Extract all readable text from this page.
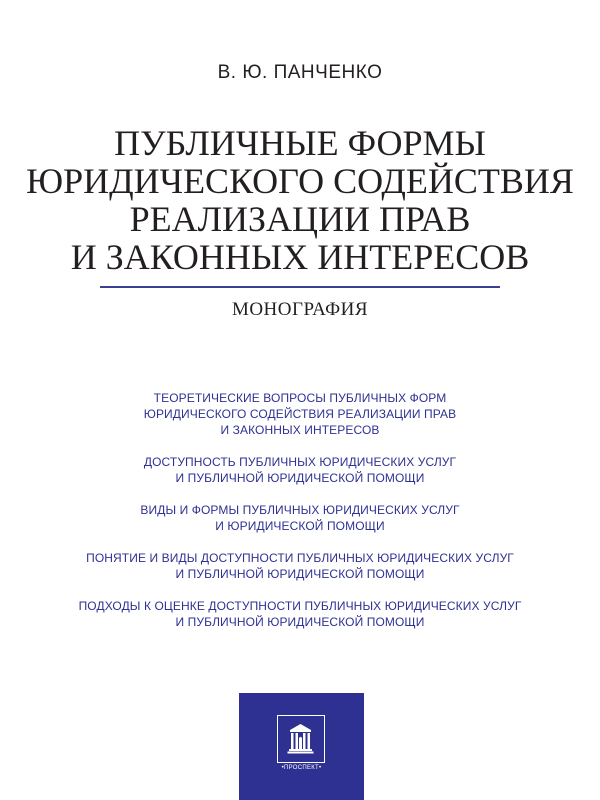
В. Ю. ПАНЧЕНКО
ПУБЛИЧНЫЕ ФОРМЫ
ЮРИДИЧЕСКОГО СОДЕЙСТВИЯ
РЕАЛИЗАЦИИ ПРАВ
И ЗАКОННЫХ ИНТЕРЕСОВ
МОНОГРАФИЯ
ТЕОРЕТИЧЕСКИЕ ВОПРОСЫ ПУБЛИЧНЫХ ФОРМ
ЮРИДИЧЕСКОГО СОДЕЙСТВИЯ РЕАЛИЗАЦИИ ПРАВ
И ЗАКОННЫХ ИНТЕРЕСОВ
ДОСТУПНОСТЬ ПУБЛИЧНЫХ ЮРИДИЧЕСКИХ УСЛУГ
И ПУБЛИЧНОЙ ЮРИДИЧЕСКОЙ ПОМОЩИ
ВИДЫ И ФОРМЫ ПУБЛИЧНЫХ ЮРИДИЧЕСКИХ УСЛУГ
И ЮРИДИЧЕСКОЙ ПОМОЩИ
ПОНЯТИЕ И ВИДЫ ДОСТУПНОСТИ ПУБЛИЧНЫХ ЮРИДИЧЕСКИХ УСЛУГ
И ПУБЛИЧНОЙ ЮРИДИЧЕСКОЙ ПОМОЩИ
ПОДХОДЫ К ОЦЕНКЕ ДОСТУПНОСТИ ПУБЛИЧНЫХ ЮРИДИЧЕСКИХ УСЛУГ
И ПУБЛИЧНОЙ ЮРИДИЧЕСКОЙ ПОМОЩИ
•ПРОСПЕКТ•
